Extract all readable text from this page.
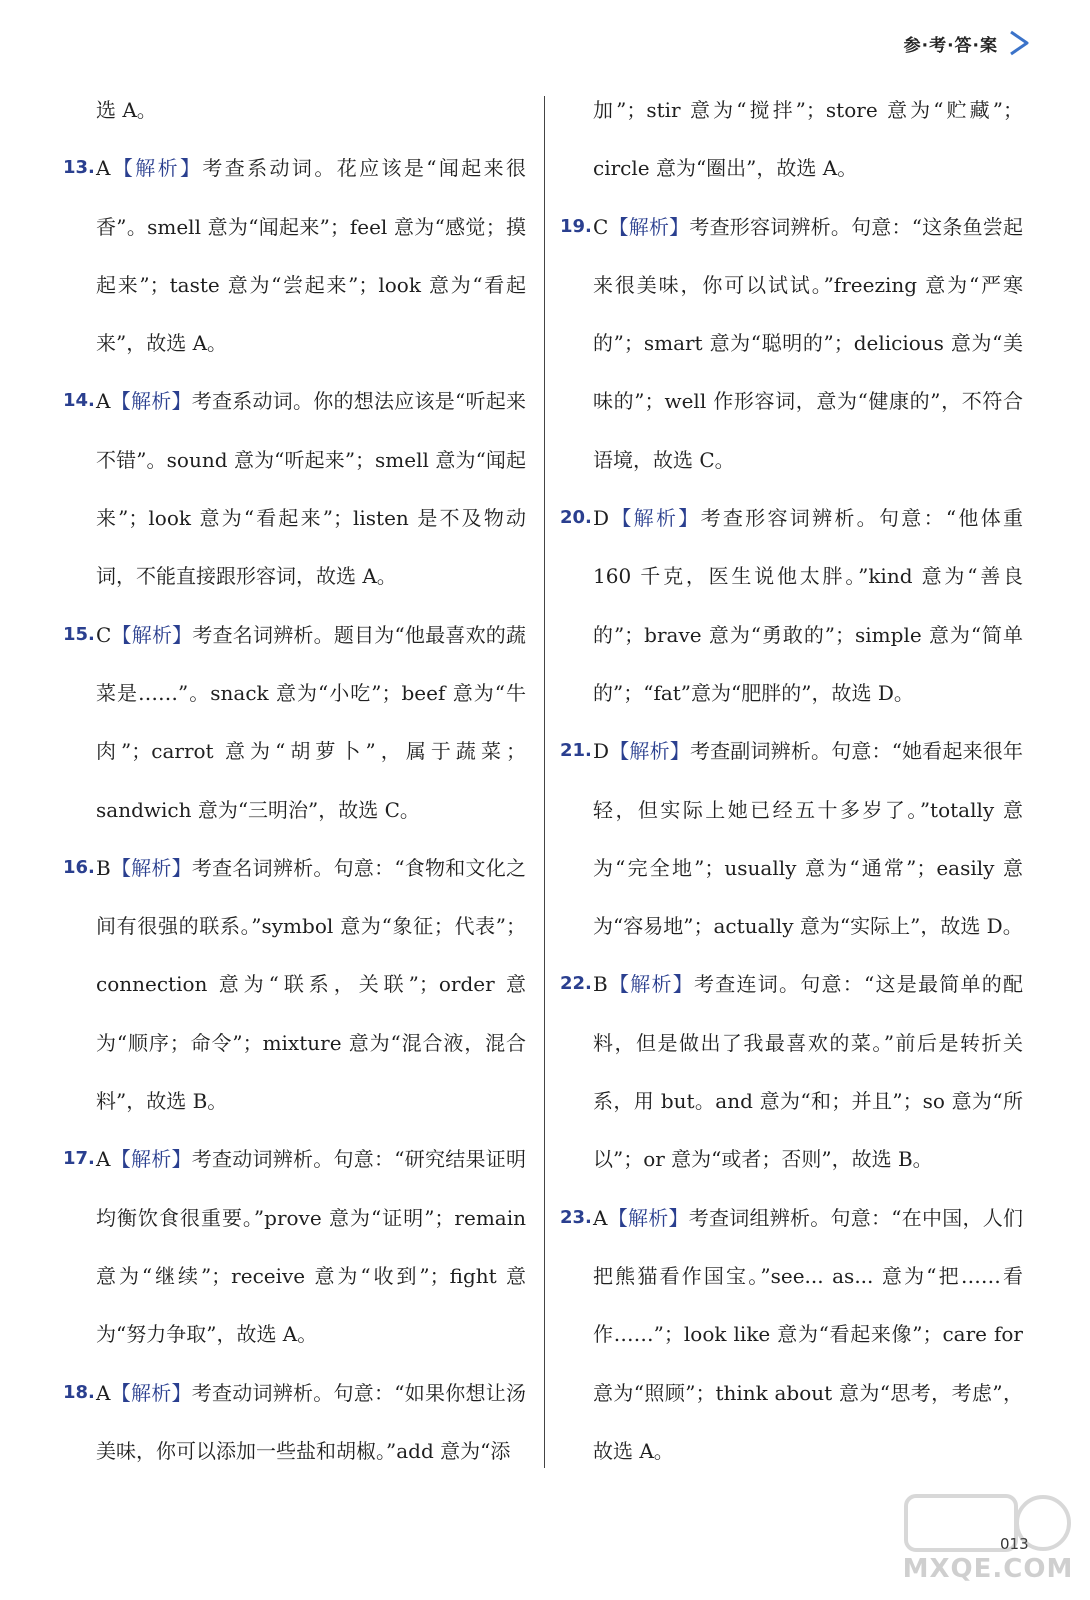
参·考·答·案
选 A。
13. A【解析】考查系动词。花应该是“闻起来很香”。smell 意为“闻起来”；feel 意为“感觉；摸起来”；taste 意为“尝起来”；look 意为“看起来”，故选 A。
14. A【解析】考查系动词。你的想法应该是“听起来不错”。sound 意为“听起来”；smell 意为“闻起来”；look 意为“看起来”；listen 是不及物动词，不能直接跟形容词，故选 A。
15. C【解析】考查名词辨析。题目为“他最喜欢的蔬菜是……”。snack 意为“小吃”；beef 意为“牛肉”；carrot 意为“胡萝卜”，属于蔬菜；sandwich 意为“三明治”，故选 C。
16. B【解析】考查名词辨析。句意：“食物和文化之间有很强的联系。”symbol 意为“象征；代表”；connection 意为“联系，关联”；order 意为“顺序；命令”；mixture 意为“混合液，混合料”，故选 B。
17. A【解析】考查动词辨析。句意：“研究结果证明均衡饮食很重要。”prove 意为“证明”；remain 意为“继续”；receive 意为“收到”；fight 意为“努力争取”，故选 A。
18. A【解析】考查动词辨析。句意：“如果你想让汤美味，你可以添加一些盐和胡椒。”add 意为“添
加”；stir 意为“搅拌”；store 意为“贮藏”；circle 意为“圈出”，故选 A。
19. C【解析】考查形容词辨析。句意：“这条鱼尝起来很美味，你可以试试。”freezing 意为“严寒的”；smart 意为“聪明的”；delicious 意为“美味的”；well 作形容词，意为“健康的”，不符合语境，故选 C。
20. D【解析】考查形容词辨析。句意：“他体重 160 千克，医生说他太胖。”kind 意为“善良的”；brave 意为“勇敢的”；simple 意为“简单的”；“fat”意为“肥胖的”，故选 D。
21. D【解析】考查副词辨析。句意：“她看起来很年轻，但实际上她已经五十多岁了。”totally 意为“完全地”；usually 意为“通常”；easily 意为“容易地”；actually 意为“实际上”，故选 D。
22. B【解析】考查连词。句意：“这是最简单的配料，但是做出了我最喜欢的菜。”前后是转折关系，用 but。and 意为“和；并且”；so 意为“所以”；or 意为“或者；否则”，故选 B。
23. A【解析】考查词组辨析。句意：“在中国，人们把熊猫看作国宝。”see... as... 意为“把……看作……”；look like 意为“看起来像”；care for 意为“照顾”；think about 意为“思考，考虑”，故选 A。
013
MXQE.COM
